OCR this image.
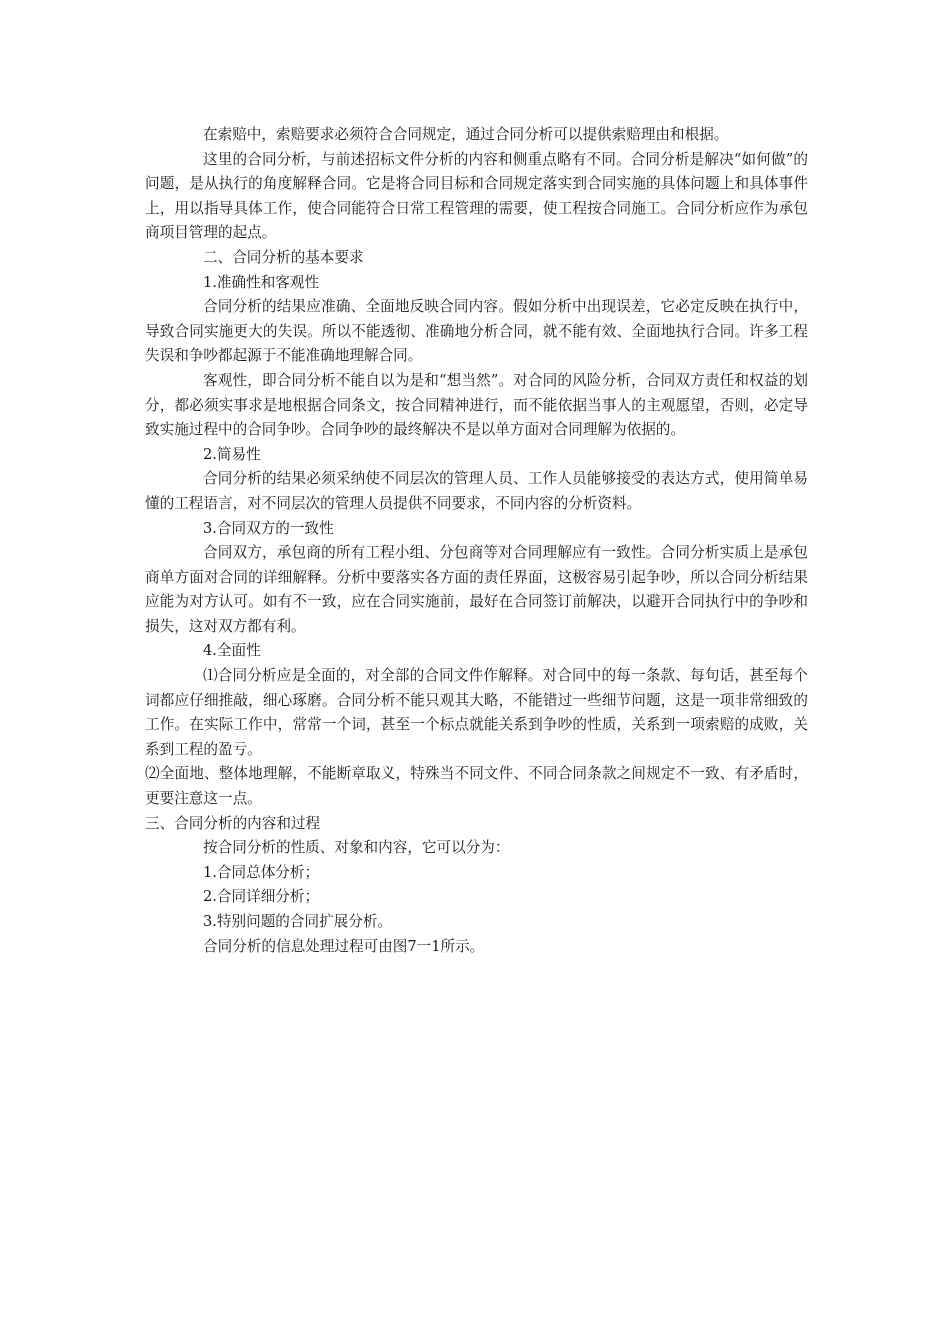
在索赔中，索赔要求必须符合合同规定，通过合同分析可以提供索赔理由和根据。

这里的合同分析，与前述招标文件分析的内容和侧重点略有不同。合同分析是解决“如何做”的问题，是从执行的角度解释合同。它是将合同目标和合同规定落实到合同实施的具体问题上和具体事件上，用以指导具体工作，使合同能符合日常工程管理的需要，使工程按合同施工。合同分析应作为承包商项目管理的起点。

二、合同分析的基本要求

1.准确性和客观性

合同分析的结果应准确、全面地反映合同内容。假如分析中出现误差，它必定反映在执行中，导致合同实施更大的失误。所以不能透彻、准确地分析合同，就不能有效、全面地执行合同。许多工程失误和争吵都起源于不能准确地理解合同。

客观性，即合同分析不能自以为是和“想当然”。对合同的风险分析，合同双方责任和权益的划分，都必须实事求是地根据合同条文，按合同精神进行，而不能依据当事人的主观愿望，否则，必定导致实施过程中的合同争吵。合同争吵的最终解决不是以单方面对合同理解为依据的。

2.简易性

合同分析的结果必须采纳使不同层次的管理人员、工作人员能够接受的表达方式，使用简单易懂的工程语言，对不同层次的管理人员提供不同要求，不同内容的分析资料。

3.合同双方的一致性

合同双方，承包商的所有工程小组、分包商等对合同理解应有一致性。合同分析实质上是承包商单方面对合同的详细解释。分析中要落实各方面的责任界面，这极容易引起争吵，所以合同分析结果应能为对方认可。如有不一致，应在合同实施前，最好在合同签订前解决，以避开合同执行中的争吵和损失，这对双方都有利。

4.全面性

⑴合同分析应是全面的，对全部的合同文件作解释。对合同中的每一条款、每句话，甚至每个词都应仔细推敲，细心琢磨。合同分析不能只观其大略，不能错过一些细节问题，这是一项非常细致的工作。在实际工作中，常常一个词，甚至一个标点就能关系到争吵的性质，关系到一项索赔的成败，关系到工程的盈亏。

⑵全面地、整体地理解，不能断章取义，特殊当不同文件、不同合同条款之间规定不一致、有矛盾时，更要注意这一点。

三、合同分析的内容和过程

按合同分析的性质、对象和内容，它可以分为：

1.合同总体分析；

2.合同详细分析；

3.特别问题的合同扩展分析。

合同分析的信息处理过程可由图7一1所示。
